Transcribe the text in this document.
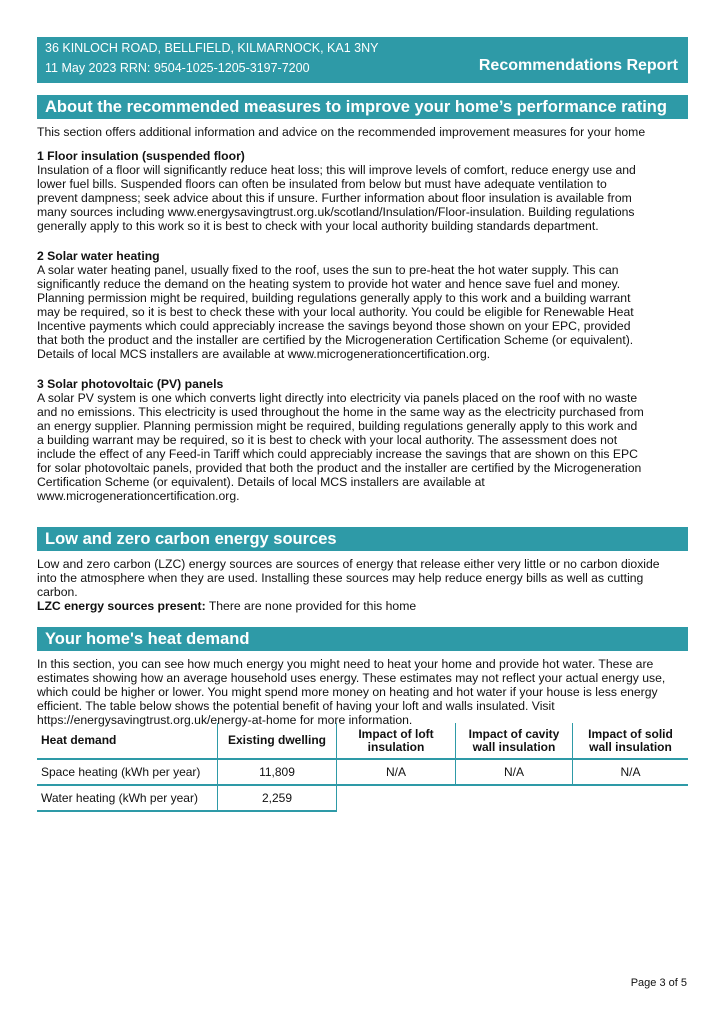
36 KINLOCH ROAD, BELLFIELD, KILMARNOCK, KA1 3NY
11 May 2023 RRN: 9504-1025-1205-3197-7200	Recommendations Report
About the recommended measures to improve your home’s performance rating
This section offers additional information and advice on the recommended improvement measures for your home
1 Floor insulation (suspended floor)
Insulation of a floor will significantly reduce heat loss; this will improve levels of comfort, reduce energy use and
lower fuel bills. Suspended floors can often be insulated from below but must have adequate ventilation to
prevent dampness; seek advice about this if unsure. Further information about floor insulation is available from
many sources including www.energysavingtrust.org.uk/scotland/Insulation/Floor-insulation. Building regulations
generally apply to this work so it is best to check with your local authority building standards department.
2 Solar water heating
A solar water heating panel, usually fixed to the roof, uses the sun to pre-heat the hot water supply. This can
significantly reduce the demand on the heating system to provide hot water and hence save fuel and money.
Planning permission might be required, building regulations generally apply to this work and a building warrant
may be required, so it is best to check these with your local authority. You could be eligible for Renewable Heat
Incentive payments which could appreciably increase the savings beyond those shown on your EPC, provided
that both the product and the installer are certified by the Microgeneration Certification Scheme (or equivalent).
Details of local MCS installers are available at www.microgenerationcertification.org.
3 Solar photovoltaic (PV) panels
A solar PV system is one which converts light directly into electricity via panels placed on the roof with no waste
and no emissions. This electricity is used throughout the home in the same way as the electricity purchased from
an energy supplier. Planning permission might be required, building regulations generally apply to this work and
a building warrant may be required, so it is best to check with your local authority. The assessment does not
include the effect of any Feed-in Tariff which could appreciably increase the savings that are shown on this EPC
for solar photovoltaic panels, provided that both the product and the installer are certified by the Microgeneration
Certification Scheme (or equivalent). Details of local MCS installers are available at
www.microgenerationcertification.org.
Low and zero carbon energy sources
Low and zero carbon (LZC) energy sources are sources of energy that release either very little or no carbon dioxide
into the atmosphere when they are used. Installing these sources may help reduce energy bills as well as cutting
carbon.
LZC energy sources present: There are none provided for this home
Your home's heat demand
In this section, you can see how much energy you might need to heat your home and provide hot water. These are
estimates showing how an average household uses energy. These estimates may not reflect your actual energy use,
which could be higher or lower. You might spend more money on heating and hot water if your house is less energy
efficient. The table below shows the potential benefit of having your loft and walls insulated. Visit
https://energysavingtrust.org.uk/energy-at-home for more information.
Heat demand	Existing dwelling	Impact of loft insulation	Impact of cavity wall insulation	Impact of solid wall insulation
Space heating (kWh per year)	11,809	N/A	N/A	N/A
Water heating (kWh per year)	2,259			
Page 3 of 5
